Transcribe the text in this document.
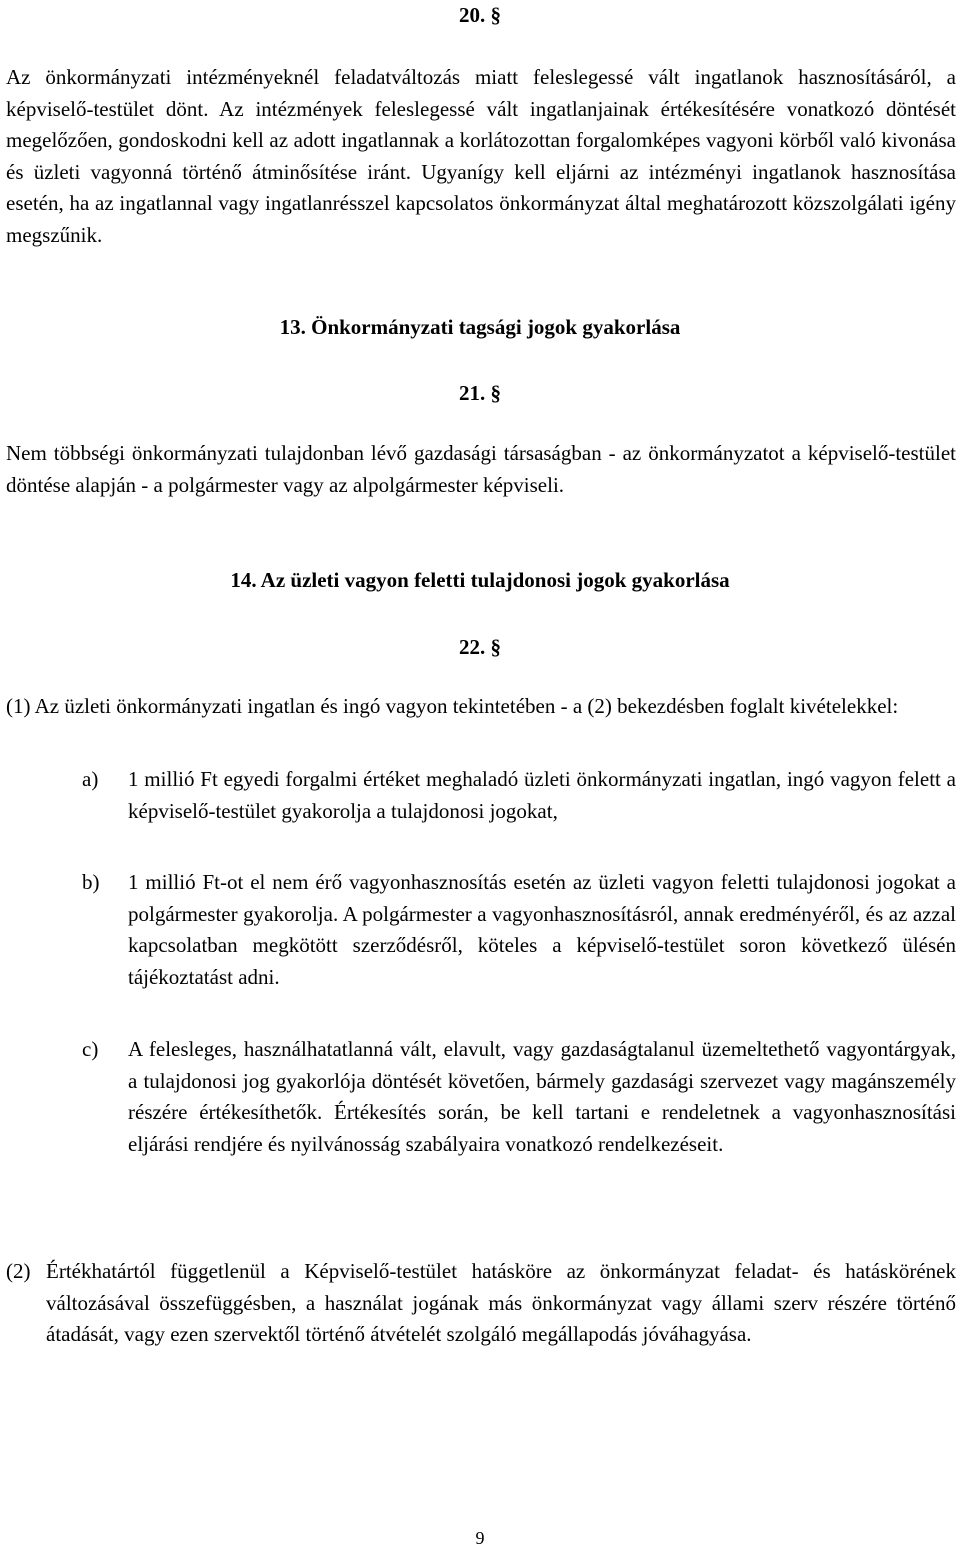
20. §
Az önkormányzati intézményeknél feladatváltozás miatt feleslegessé vált ingatlanok hasznosításáról, a képviselő-testület dönt. Az intézmények feleslegessé vált ingatlanjainak értékesítésére vonatkozó döntését megelőzően, gondoskodni kell az adott ingatlannak a korlátozottan forgalomképes vagyoni körből való kivonása és üzleti vagyonná történő átminősítése iránt. Ugyanígy kell eljárni az intézményi ingatlanok hasznosítása esetén, ha az ingatlannal vagy ingatlanrésszel kapcsolatos önkormányzat által meghatározott közszolgálati igény megszűnik.
13. Önkormányzati tagsági jogok gyakorlása
21. §
Nem többségi önkormányzati tulajdonban lévő gazdasági társaságban - az önkormányzatot a képviselő-testület döntése alapján - a polgármester vagy az alpolgármester képviseli.
14. Az üzleti vagyon feletti tulajdonosi jogok gyakorlása
22. §
(1) Az üzleti önkormányzati ingatlan és ingó vagyon tekintetében - a (2) bekezdésben foglalt kivételekkel:
a)	1 millió Ft egyedi forgalmi értéket meghaladó üzleti önkormányzati ingatlan, ingó vagyon felett a képviselő-testület gyakorolja a tulajdonosi jogokat,
b)	1 millió Ft-ot el nem érő vagyonhasznosítás esetén az üzleti vagyon feletti tulajdonosi jogokat a polgármester gyakorolja. A polgármester a vagyonhasznosításról, annak eredményéről, és az azzal kapcsolatban megkötött szerződésről, köteles a képviselő-testület soron következő ülésén tájékoztatást adni.
c)	A felesleges, használhatatlanná vált, elavult, vagy gazdaságtalanul üzemeltethető vagyontárgyak, a tulajdonosi jog gyakorlója döntését követően, bármely gazdasági szervezet vagy magánszemély részére értékesíthetők. Értékesítés során, be kell tartani e rendeletnek a vagyonhasznosítási eljárási rendjére és nyilvánosság szabályaira vonatkozó rendelkezéseit.
(2) Értékhatártól függetlenül a Képviselő-testület hatásköre az önkormányzat feladat- és hatáskörének változásával összefüggésben, a használat jogának más önkormányzat vagy állami szerv részére történő átadását, vagy ezen szervektől történő átvételét szolgáló megállapodás jóváhagyása.
9
